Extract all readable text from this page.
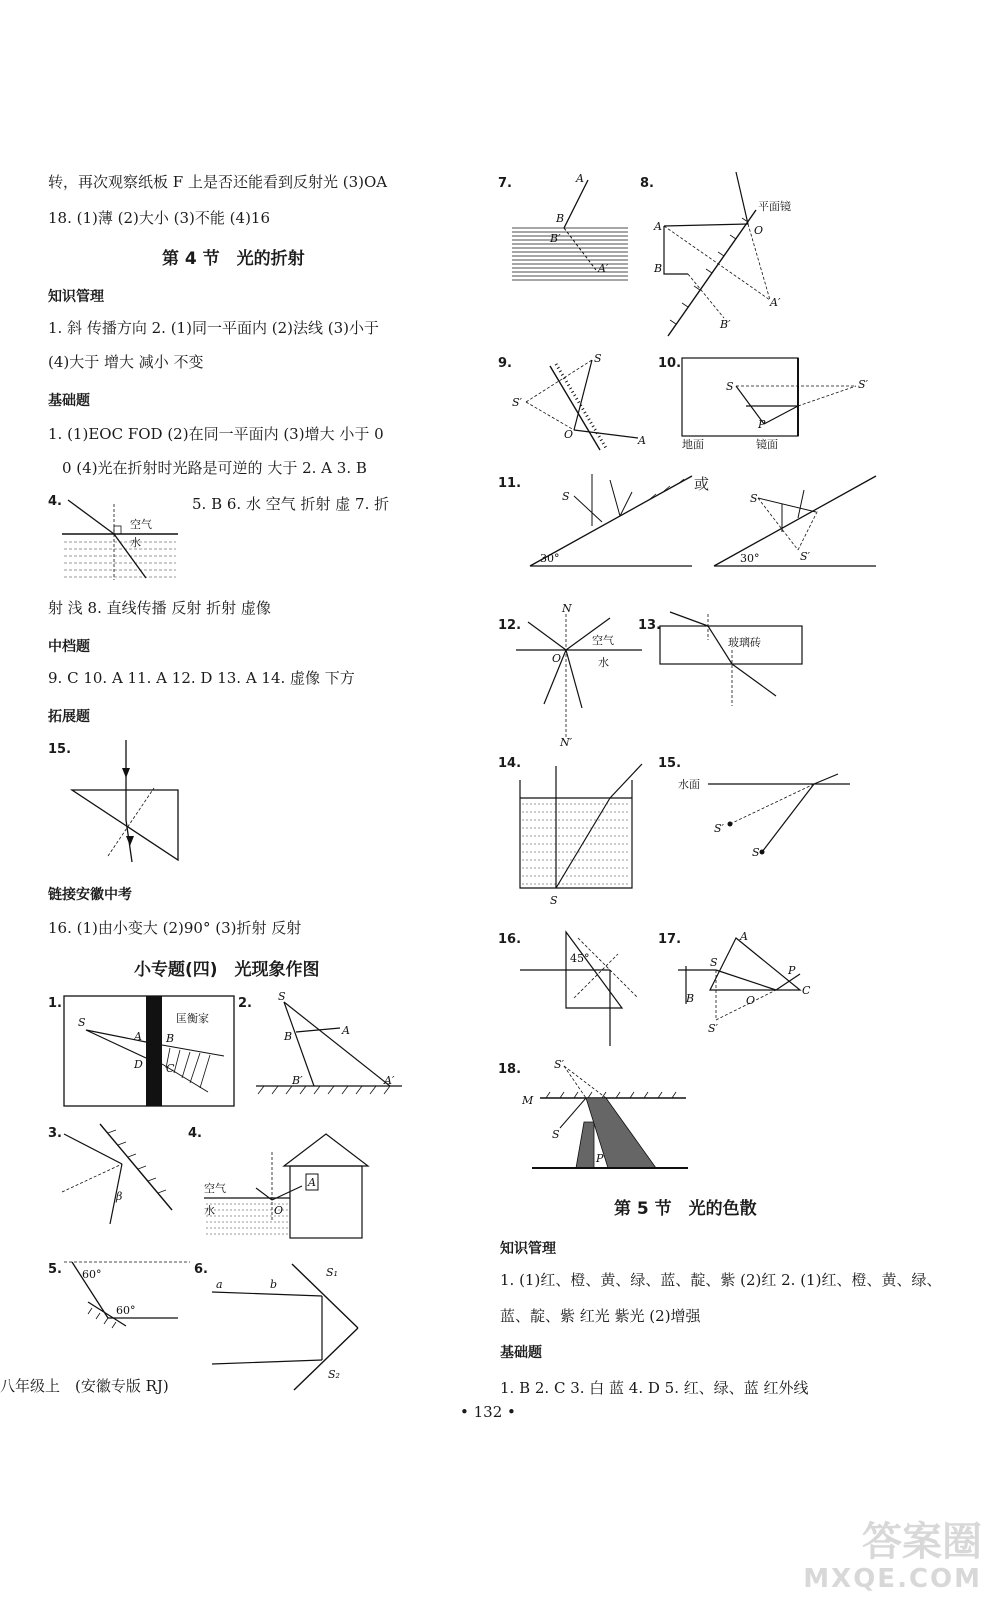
转，再次观察纸板 F 上是否还能看到反射光 (3)OA
18. (1)薄 (2)大小 (3)不能 (4)16
第 4 节　光的折射
知识管理
1. 斜 传播方向 2. (1)同一平面内 (2)法线 (3)小于
(4)大于 增大 减小 不变
基础题
1. (1)EOC FOD (2)在同一平面内 (3)增大 小于 0
0 (4)光在折射时光路是可逆的 大于 2. A 3. B
4.	5. B 6. 水 空气 折射 虚 7. 折
空气
水
射 浅 8. 直线传播 反射 折射 虚像
中档题
9. C 10. A 11. A 12. D 13. A 14. 虚像 下方
拓展题
15.
链接安徽中考
16. (1)由小变大 (2)90° (3)折射 反射
小专题(四)　光现象作图
1.
S
A B
D C
匡衡家
2. S
B	A
B′	A′
3.
β
4.
空气
水
A
O
5. 60°
60°
6.
a	b
S₁
S₂
八年级上　(安徽专版 RJ)
7.	A
B
B′
A′
8.
A
B
O
A′
B′
平面镜
9.	S
S′
O	A
10.
S	S′
P
地面	镜面
11.	或
S
30°
S
S′
30°
12.
N
N′
O
空气
水
13.
玻璃砖
14.
S
15.
水面
S′
S
16.
45°
17.
S
A
B	O
C
P
S′
18.	S′
M
S
P
第 5 节　光的色散
知识管理
1. (1)红、橙、黄、绿、蓝、靛、紫 (2)红 2. (1)红、橙、黄、绿、
蓝、靛、紫 红光 紫光 (2)增强
基础题
1. B 2. C 3. 白 蓝 4. D 5. 红、绿、蓝 红外线
• 132 •
答案圈
MXQE.COM
